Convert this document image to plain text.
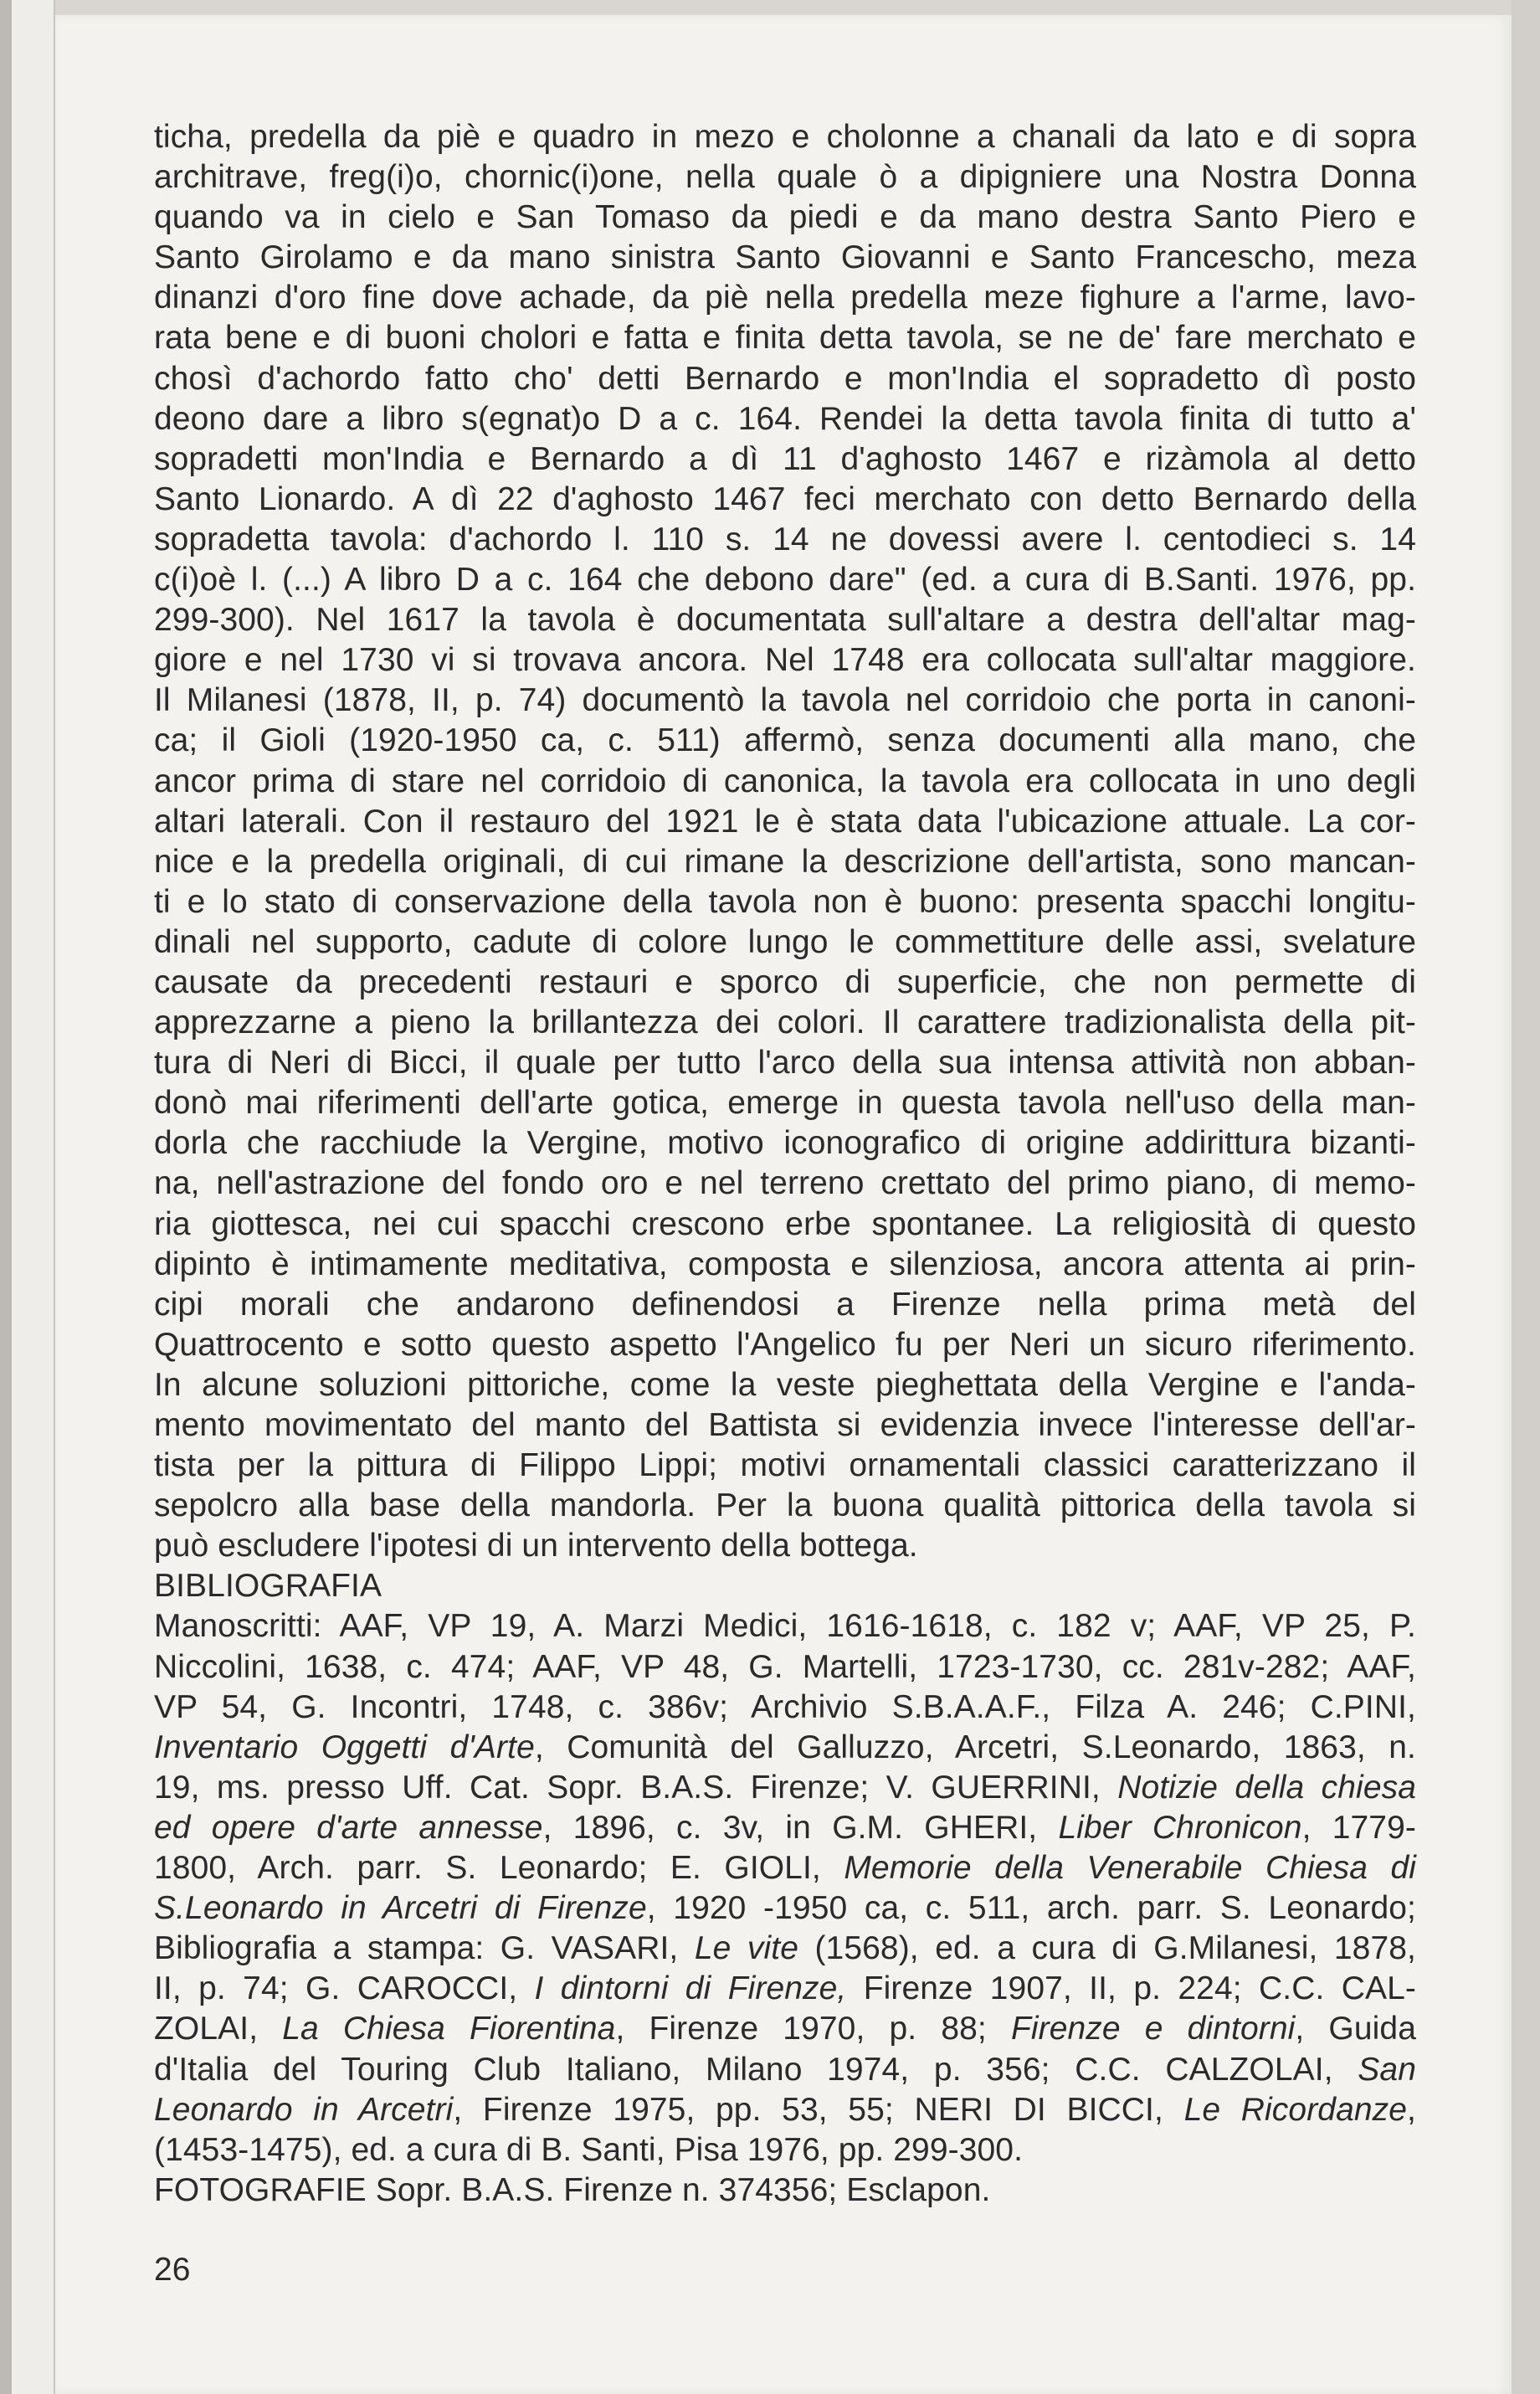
ticha, predella da piè e quadro in mezo e cholonne a chanali da lato e di sopra
architrave, freg(i)o, chornic(i)one, nella quale ò a dipigniere una Nostra Donna
quando va in cielo e San Tomaso da piedi e da mano destra Santo Piero e
Santo Girolamo e da mano sinistra Santo Giovanni e Santo Francescho, meza
dinanzi d'oro fine dove achade, da piè nella predella meze fighure a l'arme, lavo-
rata bene e di buoni cholori e fatta e finita detta tavola, se ne de' fare merchato e
chosì d'achordo fatto cho' detti Bernardo e mon'India el sopradetto dì posto
deono dare a libro s(egnat)o D a c. 164. Rendei la detta tavola finita di tutto a'
sopradetti mon'India e Bernardo a dì 11 d'aghosto 1467 e rizàmola al detto
Santo Lionardo. A dì 22 d'aghosto 1467 feci merchato con detto Bernardo della
sopradetta tavola: d'achordo l. 110 s. 14 ne dovessi avere l. centodieci s. 14
c(i)oè l. (...) A libro D a c. 164 che debono dare" (ed. a cura di B.Santi. 1976, pp.
299-300). Nel 1617 la tavola è documentata sull'altare a destra dell'altar mag-
giore e nel 1730 vi si trovava ancora. Nel 1748 era collocata sull'altar maggiore.
Il Milanesi (1878, II, p. 74) documentò la tavola nel corridoio che porta in canoni-
ca; il Gioli (1920-1950 ca, c. 511) affermò, senza documenti alla mano, che
ancor prima di stare nel corridoio di canonica, la tavola era collocata in uno degli
altari laterali. Con il restauro del 1921 le è stata data l'ubicazione attuale. La cor-
nice e la predella originali, di cui rimane la descrizione dell'artista, sono mancan-
ti e lo stato di conservazione della tavola non è buono: presenta spacchi longitu-
dinali nel supporto, cadute di colore lungo le commettiture delle assi, svelature
causate da precedenti restauri e sporco di superficie, che non permette di
apprezzarne a pieno la brillantezza dei colori. Il carattere tradizionalista della pit-
tura di Neri di Bicci, il quale per tutto l'arco della sua intensa attività non abban-
donò mai riferimenti dell'arte gotica, emerge in questa tavola nell'uso della man-
dorla che racchiude la Vergine, motivo iconografico di origine addirittura bizanti-
na, nell'astrazione del fondo oro e nel terreno crettato del primo piano, di memo-
ria giottesca, nei cui spacchi crescono erbe spontanee. La religiosità di questo
dipinto è intimamente meditativa, composta e silenziosa, ancora attenta ai prin-
cipi morali che andarono definendosi a Firenze nella prima metà del
Quattrocento e sotto questo aspetto l'Angelico fu per Neri un sicuro riferimento.
In alcune soluzioni pittoriche, come la veste pieghettata della Vergine e l'anda-
mento movimentato del manto del Battista si evidenzia invece l'interesse dell'ar-
tista per la pittura di Filippo Lippi; motivi ornamentali classici caratterizzano il
sepolcro alla base della mandorla. Per la buona qualità pittorica della tavola si
può escludere l'ipotesi di un intervento della bottega.
BIBLIOGRAFIA
Manoscritti: AAF, VP 19, A. Marzi Medici, 1616-1618, c. 182 v; AAF, VP 25, P.
Niccolini, 1638, c. 474; AAF, VP 48, G. Martelli, 1723-1730, cc. 281v-282; AAF,
VP 54, G. Incontri, 1748, c. 386v; Archivio S.B.A.A.F., Filza A. 246; C.PINI,
Inventario Oggetti d'Arte, Comunità del Galluzzo, Arcetri, S.Leonardo, 1863, n.
19, ms. presso Uff. Cat. Sopr. B.A.S. Firenze; V. GUERRINI, Notizie della chiesa
ed opere d'arte annesse, 1896, c. 3v, in G.M. GHERI, Liber Chronicon, 1779-
1800, Arch. parr. S. Leonardo; E. GIOLI, Memorie della Venerabile Chiesa di
S.Leonardo in Arcetri di Firenze, 1920 -1950 ca, c. 511, arch. parr. S. Leonardo;
Bibliografia a stampa: G. VASARI, Le vite (1568), ed. a cura di G.Milanesi, 1878,
II, p. 74; G. CAROCCI, I dintorni di Firenze, Firenze 1907, II, p. 224; C.C. CAL-
ZOLAI, La Chiesa Fiorentina, Firenze 1970, p. 88; Firenze e dintorni, Guida
d'Italia del Touring Club Italiano, Milano 1974, p. 356; C.C. CALZOLAI, San
Leonardo in Arcetri, Firenze 1975, pp. 53, 55; NERI DI BICCI, Le Ricordanze,
(1453-1475), ed. a cura di B. Santi, Pisa 1976, pp. 299-300.
FOTOGRAFIE Sopr. B.A.S. Firenze n. 374356; Esclapon.
26
